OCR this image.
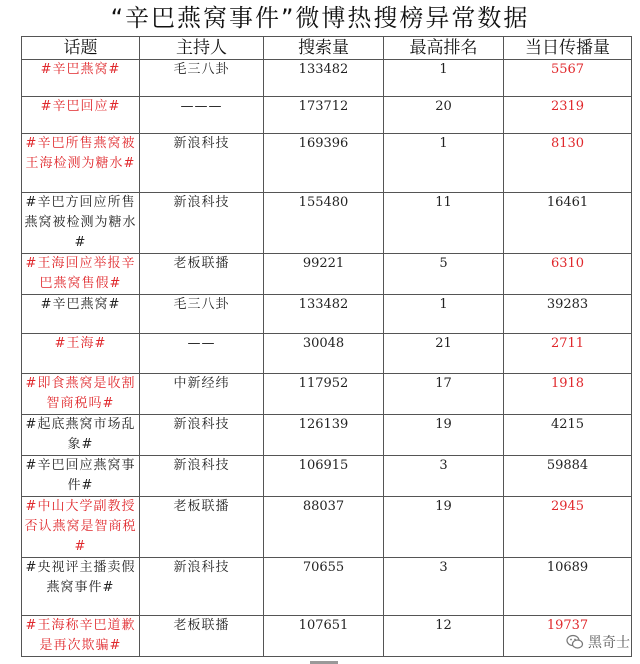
“辛巴燕窝事件”微博热搜榜异常数据
话题	主持人	搜索量	最高排名	当日传播量
#辛巴燕窝#	毛三八卦	133482	1	5567
#辛巴回应#	———	173712	20	2319
#辛巴所售燕窝被王海检测为糖水#	新浪科技	169396	1	8130
#辛巴方回应所售燕窝被检测为糖水#	新浪科技	155480	11	16461
#王海回应举报辛巴燕窝售假#	老板联播	99221	5	6310
#辛巴燕窝#	毛三八卦	133482	1	39283
#王海#	——	30048	21	2711
#即食燕窝是收割智商税吗#	中新经纬	117952	17	1918
#起底燕窝市场乱象#	新浪科技	126139	19	4215
#辛巴回应燕窝事件#	新浪科技	106915	3	59884
#中山大学副教授否认燕窝是智商税#	老板联播	88037	19	2945
#央视评主播卖假燕窝事件#	新浪科技	70655	3	10689
#王海称辛巴道歉是再次欺骗#	老板联播	107651	12	19737
黑奇士
